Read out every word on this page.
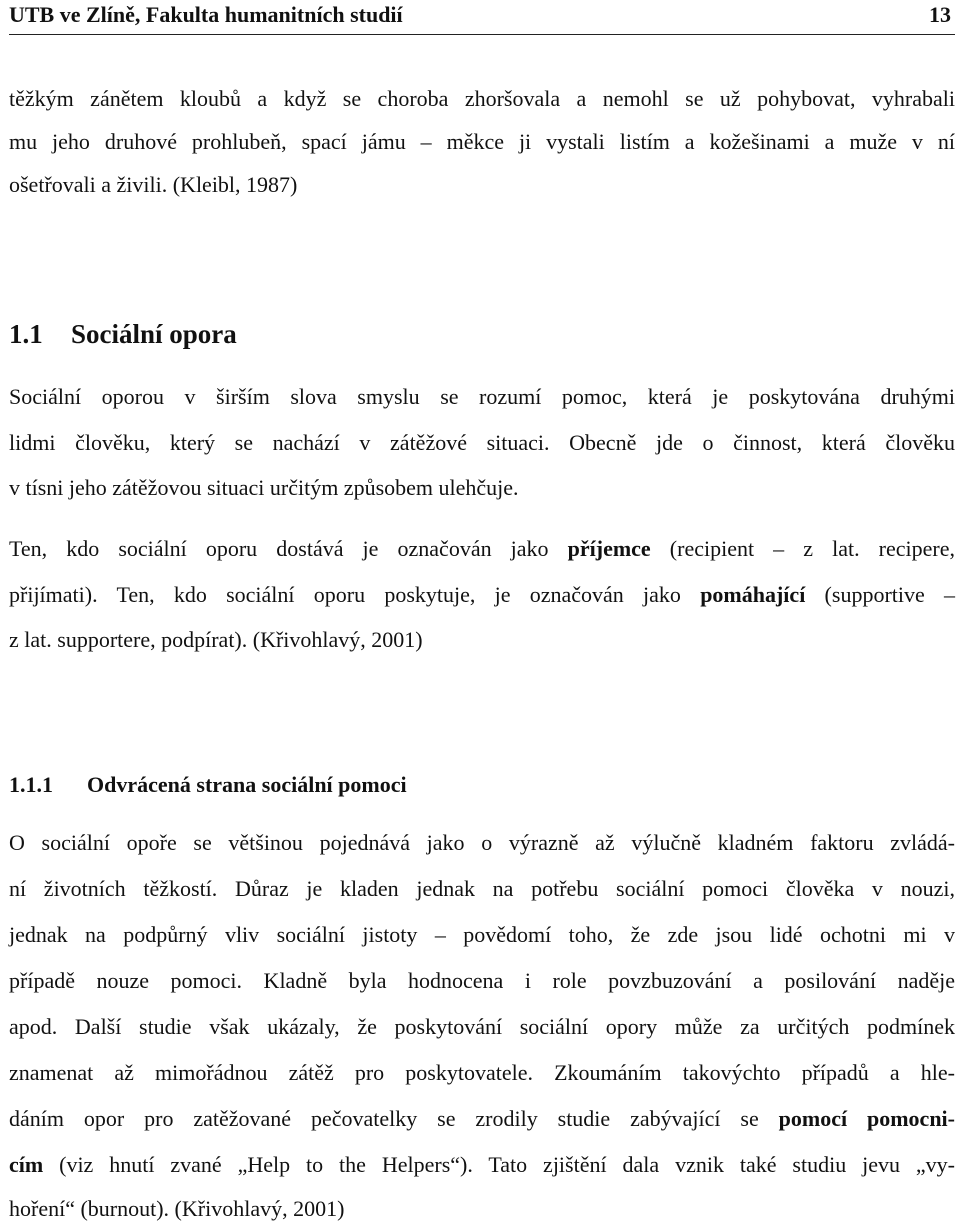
UTB ve Zlíně, Fakulta humanitních studií	13
těžkým zánětem kloubů a když se choroba zhoršovala a nemohl se už pohybovat, vyhrabali
mu jeho druhové prohlubeň, spací jámu – měkce ji vystali listím a kožešinami a muže v ní
ošetřovali a živili. (Kleibl, 1987)
1.1 Sociální opora
Sociální oporou v širším slova smyslu se rozumí pomoc, která je poskytována druhými
lidmi člověku, který se nachází v zátěžové situaci. Obecně jde o činnost, která člověku
v tísni jeho zátěžovou situaci určitým způsobem ulehčuje.
Ten, kdo sociální oporu dostává je označován jako příjemce (recipient – z lat. recipere,
přijímati). Ten, kdo sociální oporu poskytuje, je označován jako pomáhající (supportive –
z lat. supportere, podpírat). (Křivohlavý, 2001)
1.1.1 Odvrácená strana sociální pomoci
O sociální opoře se většinou pojednává jako o výrazně až výlučně kladném faktoru zvládá-
ní životních těžkostí. Důraz je kladen jednak na potřebu sociální pomoci člověka v nouzi,
jednak na podpůrný vliv sociální jistoty – povědomí toho, že zde jsou lidé ochotni mi v
případě nouze pomoci. Kladně byla hodnocena i role povzbuzování a posilování naděje
apod. Další studie však ukázaly, že poskytování sociální opory může za určitých podmínek
znamenat až mimořádnou zátěž pro poskytovatele. Zkoumáním takovýchto případů a hle-
dáním opor pro zatěžované pečovatelky se zrodily studie zabývající se pomocí pomocni-
cím (viz hnutí zvané „Help to the Helpers“). Tato zjištění dala vznik také studiu jevu „vy-
hoření“ (burnout). (Křivohlavý, 2001)
